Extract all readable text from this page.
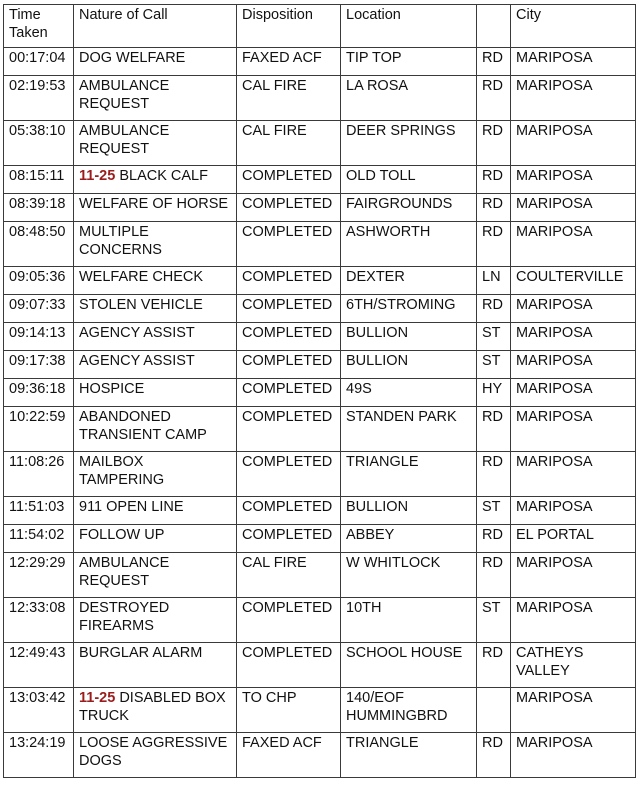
Time Taken	Nature of Call	Disposition	Location		City
00:17:04	DOG WELFARE	FAXED ACF	TIP TOP	RD	MARIPOSA
02:19:53	AMBULANCE REQUEST	CAL FIRE	LA ROSA	RD	MARIPOSA
05:38:10	AMBULANCE REQUEST	CAL FIRE	DEER SPRINGS	RD	MARIPOSA
08:15:11	11-25 BLACK CALF	COMPLETED	OLD TOLL	RD	MARIPOSA
08:39:18	WELFARE OF HORSE	COMPLETED	FAIRGROUNDS	RD	MARIPOSA
08:48:50	MULTIPLE CONCERNS	COMPLETED	ASHWORTH	RD	MARIPOSA
09:05:36	WELFARE CHECK	COMPLETED	DEXTER	LN	COULTERVILLE
09:07:33	STOLEN VEHICLE	COMPLETED	6TH/STROMING	RD	MARIPOSA
09:14:13	AGENCY ASSIST	COMPLETED	BULLION	ST	MARIPOSA
09:17:38	AGENCY ASSIST	COMPLETED	BULLION	ST	MARIPOSA
09:36:18	HOSPICE	COMPLETED	49S	HY	MARIPOSA
10:22:59	ABANDONED TRANSIENT CAMP	COMPLETED	STANDEN PARK	RD	MARIPOSA
11:08:26	MAILBOX TAMPERING	COMPLETED	TRIANGLE	RD	MARIPOSA
11:51:03	911 OPEN LINE	COMPLETED	BULLION	ST	MARIPOSA
11:54:02	FOLLOW UP	COMPLETED	ABBEY	RD	EL PORTAL
12:29:29	AMBULANCE REQUEST	CAL FIRE	W WHITLOCK	RD	MARIPOSA
12:33:08	DESTROYED FIREARMS	COMPLETED	10TH	ST	MARIPOSA
12:49:43	BURGLAR ALARM	COMPLETED	SCHOOL HOUSE	RD	CATHEYS VALLEY
13:03:42	11-25 DISABLED BOX TRUCK	TO CHP	140/EOF HUMMINGBRD		MARIPOSA
13:24:19	LOOSE AGGRESSIVE DOGS	FAXED ACF	TRIANGLE	RD	MARIPOSA
